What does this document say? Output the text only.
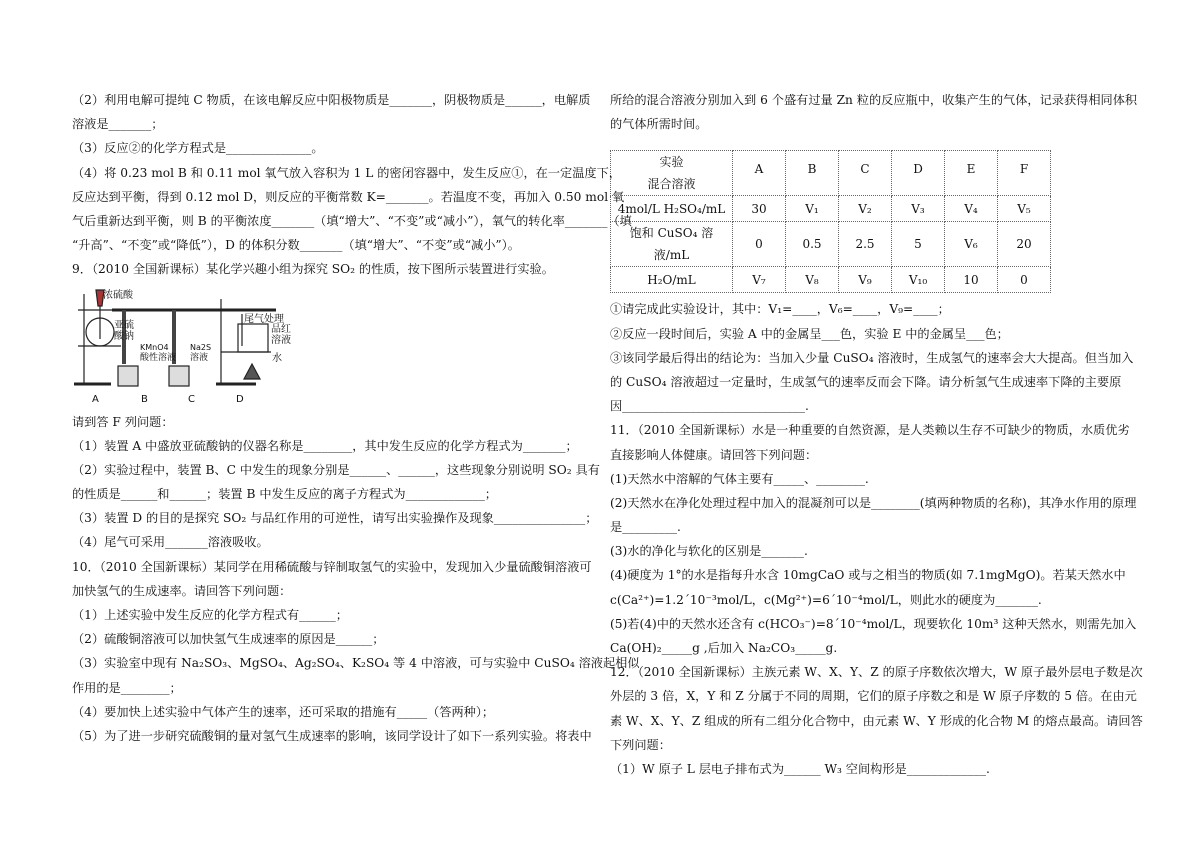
（2）利用电解可提纯 C 物质，在该电解反应中阳极物质是_______，阴极物质是______，电解质
溶液是_______；
（3）反应②的化学方程式是______________。
（4）将 0.23 mol B 和 0.11 mol 氧气放入容积为 1 L 的密闭容器中，发生反应①，在一定温度下，
反应达到平衡，得到 0.12 mol D，则反应的平衡常数 K=_______。若温度不变，再加入 0.50 mol 氧
气后重新达到平衡，则 B 的平衡浓度_______（填“增大”、“不变”或“减小”），氧气的转化率_______（填
“升高”、“不变”或“降低”），D 的体积分数_______（填“增大”、“不变”或“减小”）。
9．（2010 全国新课标）某化学兴趣小组为探究 SO₂ 的性质，按下图所示装置进行实验。
浓硫酸
亚硫酸钠
KMnO4
酸性溶液
Na2S
溶液
尾气处理
品红溶液
水
A	B	C	D
请到答 F 列问题：
（1）装置 A 中盛放亚硫酸钠的仪器名称是________，其中发生反应的化学方程式为_______；
（2）实验过程中，装置 B、C 中发生的现象分别是______、______，这些现象分别说明 SO₂ 具有
的性质是______和______；装置 B 中发生反应的离子方程式为_____________；
（3）装置 D 的目的是探究 SO₂ 与品红作用的可逆性，请写出实验操作及现象_______________；
（4）尾气可采用_______溶液吸收。
10．（2010 全国新课标）某同学在用稀硫酸与锌制取氢气的实验中，发现加入少量硫酸铜溶液可
加快氢气的生成速率。请回答下列问题：
（1）上述实验中发生反应的化学方程式有______；
（2）硫酸铜溶液可以加快氢气生成速率的原因是______；
（3）实验室中现有 Na₂SO₃、MgSO₄、Ag₂SO₄、K₂SO₄ 等 4 中溶液，可与实验中 CuSO₄ 溶液起相似
作用的是________；
（4）要加快上述实验中气体产生的速率，还可采取的措施有_____（答两种）；
（5）为了进一步研究硫酸铜的量对氢气生成速率的影响，该同学设计了如下一系列实验。将表中
所给的混合溶液分别加入到 6 个盛有过量 Zn 粒的反应瓶中，收集产生的气体，记录获得相同体积
的气体所需时间。
实验
混合溶液	A	B	C	D	E	F
4mol/L H₂SO₄/mL	30	V₁	V₂	V₃	V₄	V₅
饱和 CuSO₄ 溶液/mL	0	0.5	2.5	5	V₆	20
H₂O/mL	V₇	V₈	V₉	V₁₀	10	0
①请完成此实验设计，其中：V₁=____，V₆=____，V₉=____；
②反应一段时间后，实验 A 中的金属呈___色，实验 E 中的金属呈___色；
③该同学最后得出的结论为：当加入少量 CuSO₄ 溶液时，生成氢气的速率会大大提高。但当加入
的 CuSO₄ 溶液超过一定量时，生成氢气的速率反而会下降。请分析氢气生成速率下降的主要原
因______________________________.
11．（2010 全国新课标）水是一种重要的自然资源，是人类赖以生存不可缺少的物质，水质优劣
直接影响人体健康。请回答下列问题：
(1)天然水中溶解的气体主要有_____、________.
(2)天然水在净化处理过程中加入的混凝剂可以是________(填两种物质的名称)，其净水作用的原理
是_________.
(3)水的净化与软化的区别是_______.
(4)硬度为 1°的水是指每升水含 10mgCaO 或与之相当的物质(如 7.1mgMgO)。若某天然水中
c(Ca²⁺)=1.2´10⁻³mol/L，c(Mg²⁺)=6´10⁻⁴mol/L，则此水的硬度为_______.
(5)若(4)中的天然水还含有 c(HCO₃⁻)=8´10⁻⁴mol/L，现要软化 10m³ 这种天然水，则需先加入
Ca(OH)₂_____g ,后加入 Na₂CO₃_____g.
12．（2010 全国新课标）主族元素 W、X、Y、Z 的原子序数依次增大，W 原子最外层电子数是次
外层的 3 倍，X，Y 和 Z 分属于不同的周期，它们的原子序数之和是 W 原子序数的 5 倍。在由元
素 W、X、Y、Z 组成的所有二组分化合物中，由元素 W、Y 形成的化合物 M 的熔点最高。请回答
下列问题：
（1）W 原子 L 层电子排布式为______ W₃ 空间构形是_____________.
